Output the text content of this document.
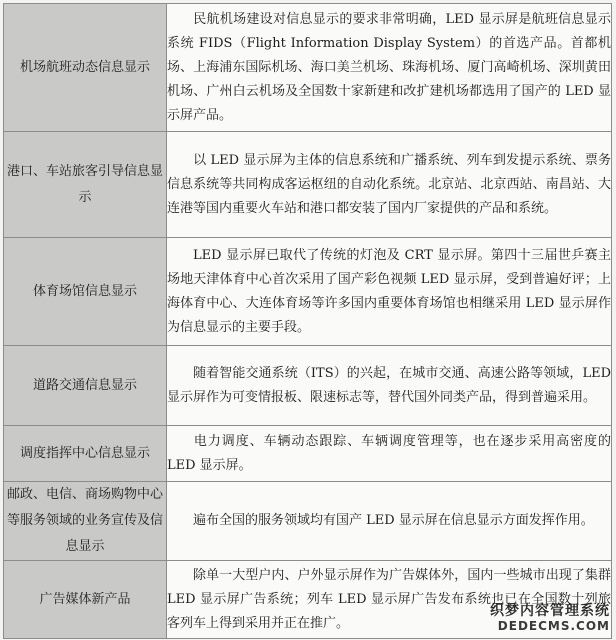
机场航班动态信息显示	民航机场建设对信息显示的要求非常明确，LED 显示屏是航班信息显示系统 FIDS（Flight Information Display System）的首选产品。首都机场、上海浦东国际机场、海口美兰机场、珠海机场、厦门高崎机场、深圳黄田机场、广州白云机场及全国数十家新建和改扩建机场都选用了国产的 LED 显示屏产品。
港口、车站旅客引导信息显示	以 LED 显示屏为主体的信息系统和广播系统、列车到发提示系统、票务信息系统等共同构成客运枢纽的自动化系统。北京站、北京西站、南昌站、大连港等国内重要火车站和港口都安装了国内厂家提供的产品和系统。
体育场馆信息显示	LED 显示屏已取代了传统的灯泡及 CRT 显示屏。第四十三届世乒赛主场地天津体育中心首次采用了国产彩色视频 LED 显示屏，受到普遍好评；上海体育中心、大连体育场等许多国内重要体育场馆也相继采用 LED 显示屏作为信息显示的主要手段。
道路交通信息显示	随着智能交通系统（ITS）的兴起，在城市交通、高速公路等领域，LED 显示屏作为可变情报板、限速标志等，替代国外同类产品，得到普遍采用。
调度指挥中心信息显示	电力调度、车辆动态跟踪、车辆调度管理等，也在逐步采用高密度的 LED 显示屏。
邮政、电信、商场购物中心等服务领域的业务宣传及信息显示	遍布全国的服务领域均有国产 LED 显示屏在信息显示方面发挥作用。
广告媒体新产品	除单一大型户内、户外显示屏作为广告媒体外，国内一些城市出现了集群 LED 显示屏广告系统；列车 LED 显示屏广告发布系统也已在全国数十列旅客列车上得到采用并正在推广。
织梦内容管理系统
DEDECMS.COM
